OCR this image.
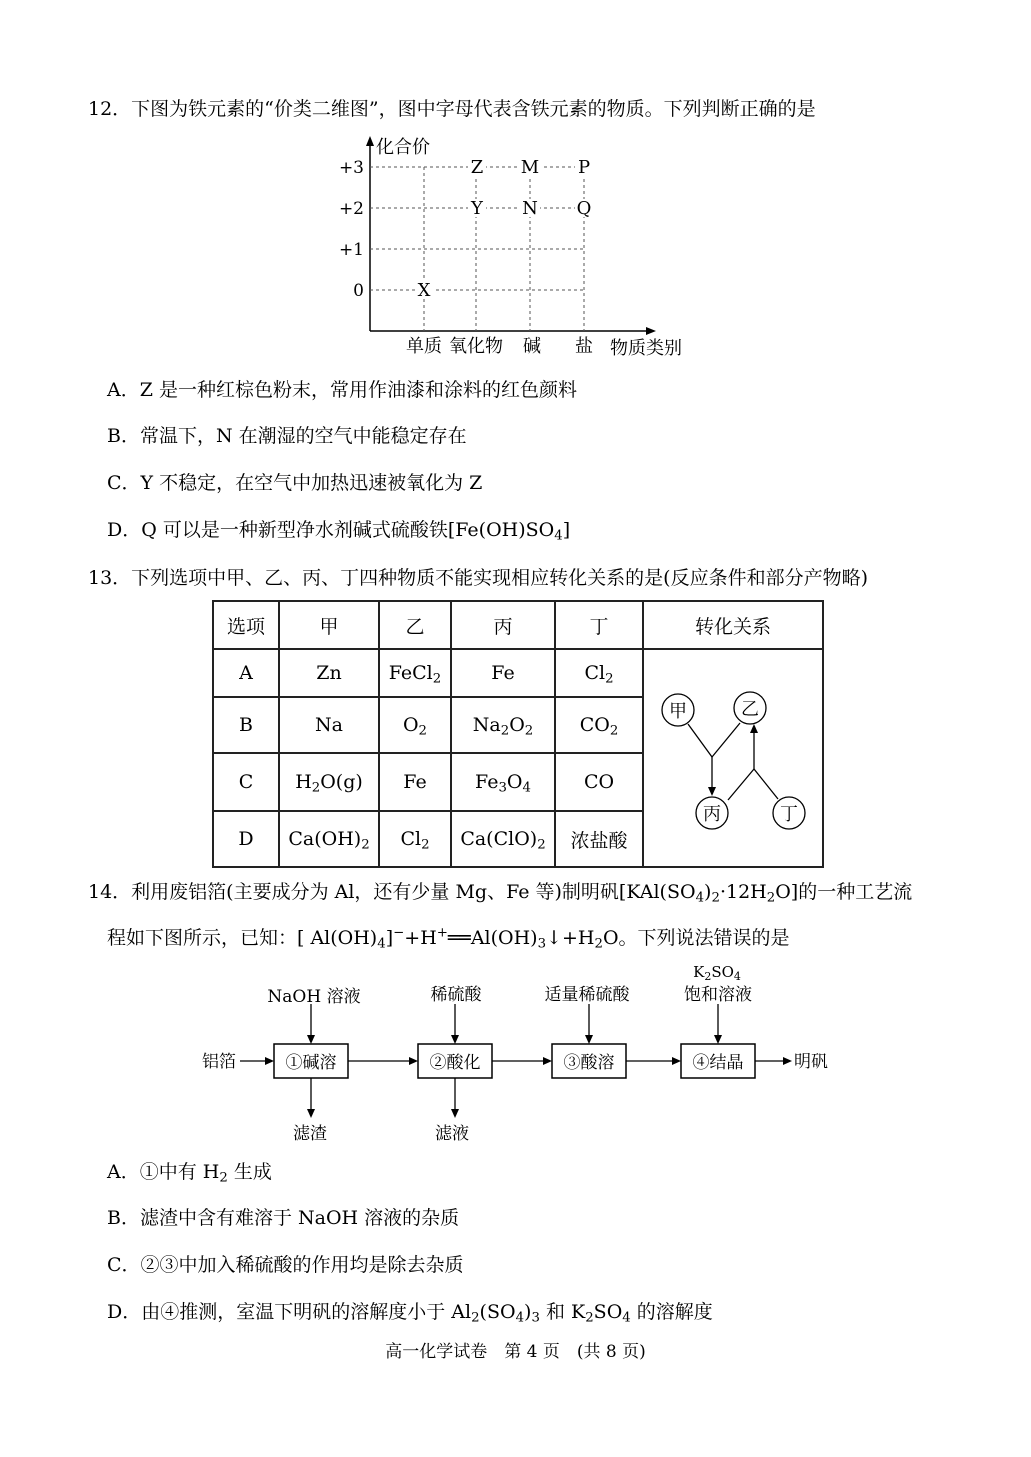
12．下图为铁元素的“价类二维图”，图中字母代表含铁元素的物质。下列判断正确的是
化合价
+3
+2
+1
0
单质 氧化物 碱 盐 物质类别
Z M P
Y N Q
X
A．Z 是一种红棕色粉末，常用作油漆和涂料的红色颜料
B．常温下，N 在潮湿的空气中能稳定存在
C．Y 不稳定，在空气中加热迅速被氧化为 Z
D．Q 可以是一种新型净水剂碱式硫酸铁$[Fe(OH)SO_4]$
13．下列选项中甲、乙、丙、丁四种物质不能实现相应转化关系的是(反应条件和部分产物略)
选项	甲	乙	丙	丁	转化关系
A	Zn	FeCl$_2$	Fe	$Cl_2$	甲 乙
丙 丁

B	Na	$O_2$	$Na_2O_2$	$CO_2$
C	$H_2O(g)$	Fe	$Fe_3O_4$	CO	
D	$Ca(OH)_2$	$Cl_2$	$Ca(ClO)_2$	浓盐酸	
14．利用废铝箔(主要成分为 Al，还有少量 Mg、Fe 等)制明矾$[KAl(SO_4)_2\cdot 12H_2O]$的一种工艺流
程如下图所示，已知：[ $Al(OH)_4]^-+H^+══Al(OH)_3↓+H_2O$。下列说法错误的是
①碱溶	②酸化	③酸溶	④结晶
铝箔	明矾
NaOH 溶液	稀硫酸	适量稀硫酸
$K_2SO_4$
饱和溶液
滤渣	滤液
A．①中有 $H_2$ 生成
B．滤渣中含有难溶于 NaOH 溶液的杂质
C．②③中加入稀硫酸的作用均是除去杂质
D．由④推测，室温下明矾的溶解度小于 $Al_2(SO_4)_3$ 和 $K_2SO_4$ 的溶解度
高一化学试卷　第 4 页　(共 8 页)
